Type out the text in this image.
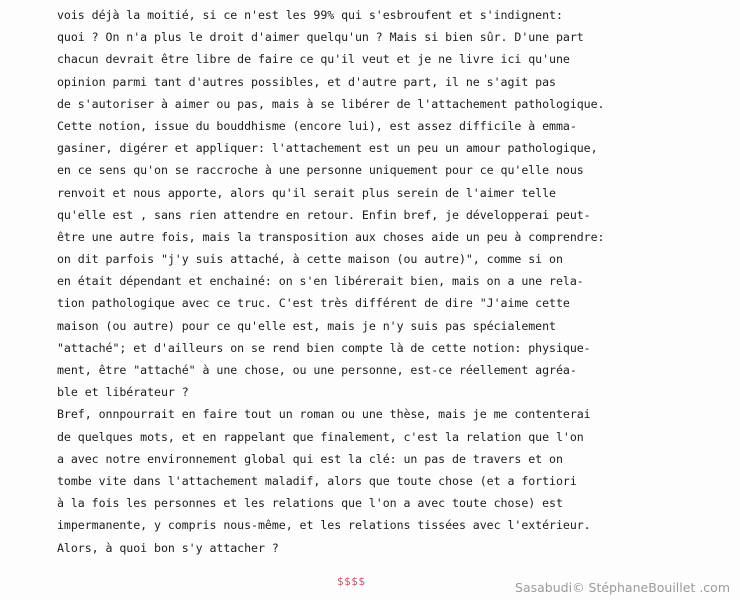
vois déjà la moitié, si ce n'est les 99% qui s'esbroufent et s'indignent:
quoi ? On n'a plus le droit d'aimer quelqu'un ? Mais si bien sûr. D'une part
chacun devrait être libre de faire ce qu'il veut et je ne livre ici qu'une
opinion parmi tant d'autres possibles, et d'autre part, il ne s'agit pas
de s'autoriser à aimer ou pas, mais à se libérer de l'attachement pathologique.
Cette notion, issue du bouddhisme (encore lui), est assez difficile à emma-
gasiner, digérer et appliquer: l'attachement est un peu un amour pathologique,
en ce sens qu'on se raccroche à une personne uniquement pour ce qu'elle nous
renvoit et nous apporte, alors qu'il serait plus serein de l'aimer telle
qu'elle est , sans rien attendre en retour. Enfin bref, je développerai peut-
être une autre fois, mais la transposition aux choses aide un peu à comprendre:
on dit parfois "j'y suis attaché, à cette maison (ou autre)", comme si on
en était dépendant et enchainé: on s'en libérerait bien, mais on a une rela-
tion pathologique avec ce truc. C'est très différent de dire "J'aime cette
maison (ou autre) pour ce qu'elle est, mais je n'y suis pas spécialement
"attaché"; et d'ailleurs on se rend bien compte là de cette notion: physique-
ment, être "attaché" à une chose, ou une personne, est-ce réellement agréa-
ble et libérateur ?
Bref, onnpourrait en faire tout un roman ou une thèse, mais je me contenterai
de quelques mots, et en rappelant que finalement, c'est la relation que l'on
a avec notre environnement global qui est la clé: un pas de travers et on
tombe vite dans l'attachement maladif, alors que toute chose (et a fortiori
à la fois les personnes et les relations que l'on a avec toute chose) est
impermanente, y compris nous-même, et les relations tissées avec l'extérieur.
Alors, à quoi bon s'y attacher ?
$$$$	Sasabudi© StéphaneBouillet .com
